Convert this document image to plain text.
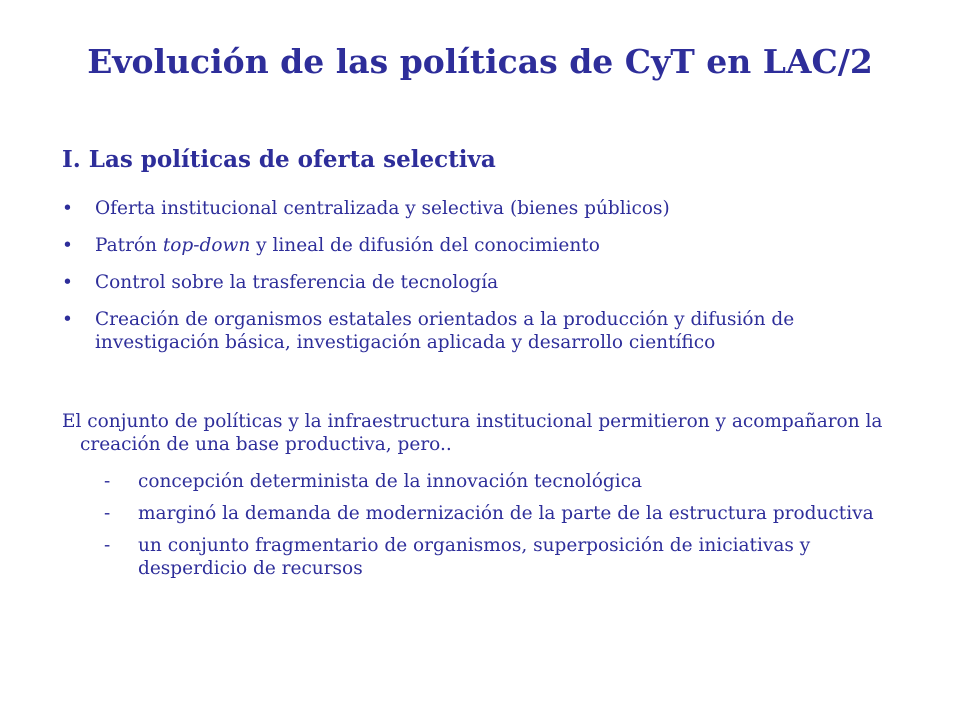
Evolución de las políticas de CyT en LAC/2
I. Las políticas de oferta selectiva
• Oferta institucional centralizada y selectiva (bienes públicos)
• Patrón top-down y lineal de difusión del conocimiento
• Control sobre la trasferencia de tecnología
• Creación de organismos estatales orientados a la producción y difusión de investigación básica, investigación aplicada y desarrollo científico
El conjunto de políticas y la infraestructura institucional permitieron y acompañaron la creación de una base productiva, pero..
- concepción determinista de la innovación tecnológica
- marginó la demanda de modernización de la parte de la estructura productiva
- un conjunto fragmentario de organismos, superposición de iniciativas y desperdicio de recursos
